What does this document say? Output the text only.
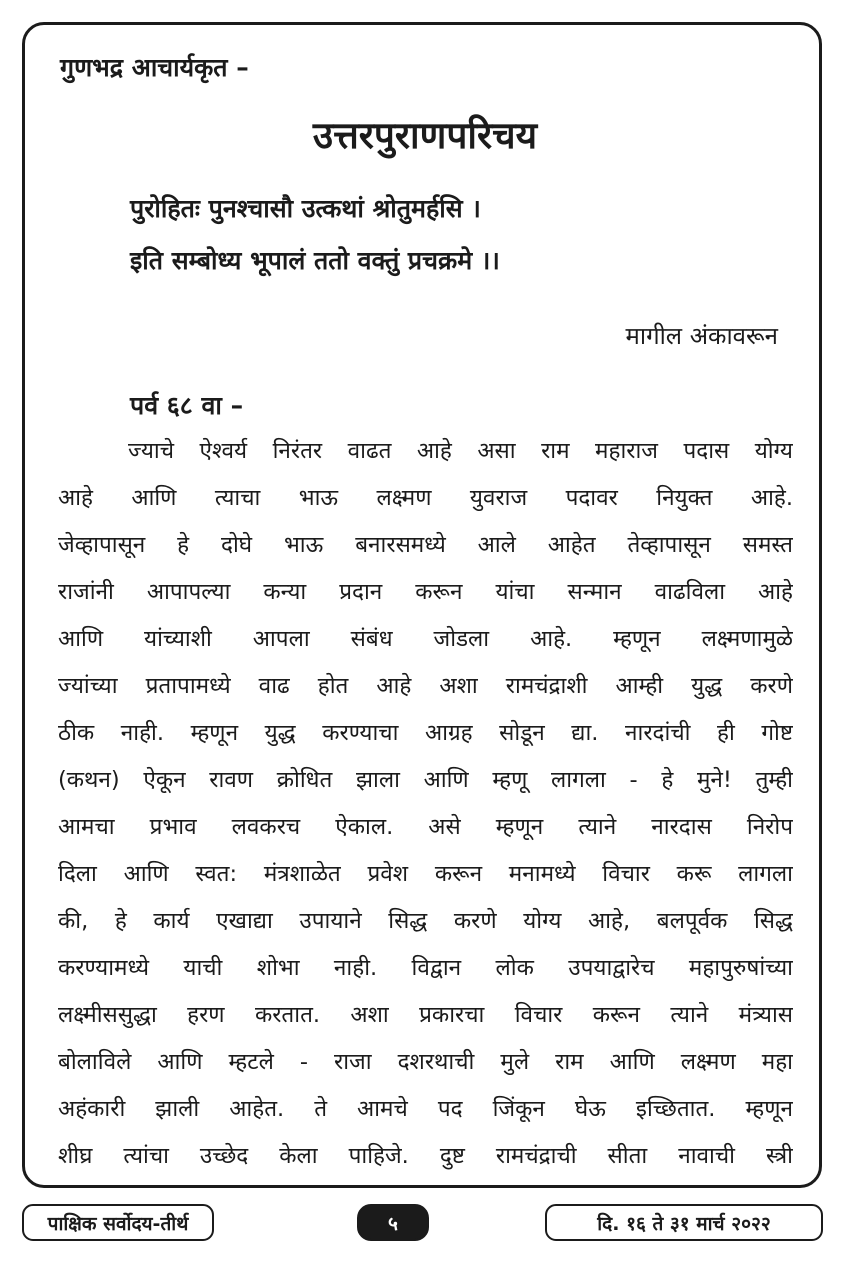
गुणभद्र आचार्यकृत –

उत्तरपुराणपरिचय

पुरोहितः पुनश्चासौ उत्कथां श्रोतुमर्हसि ।

इति सम्बोध्य भूपालं ततो वक्तुं प्रचक्रमे ।।

मागील अंकावरून

पर्व ६८ वा –
ज्याचे ऐश्वर्य निरंतर वाढत आहे असा राम महाराज पदास योग्य
आहे आणि त्याचा भाऊ लक्ष्मण युवराज पदावर नियुक्त आहे.
जेव्हापासून हे दोघे भाऊ बनारसमध्ये आले आहेत तेव्हापासून समस्त
राजांनी आपापल्या कन्या प्रदान करून यांचा सन्मान वाढविला आहे
आणि यांच्याशी आपला संबंध जोडला आहे. म्हणून लक्ष्मणामुळे
ज्यांच्या प्रतापामध्ये वाढ होत आहे अशा रामचंद्राशी आम्ही युद्ध करणे
ठीक नाही. म्हणून युद्ध करण्याचा आग्रह सोडून द्या. नारदांची ही गोष्ट
(कथन) ऐकून रावण क्रोधित झाला आणि म्हणू लागला - हे मुने! तुम्ही
आमचा प्रभाव लवकरच ऐकाल. असे म्हणून त्याने नारदास निरोप
दिला आणि स्वत: मंत्रशाळेत प्रवेश करून मनामध्ये विचार करू लागला
की, हे कार्य एखाद्या उपायाने सिद्ध करणे योग्य आहे, बलपूर्वक सिद्ध
करण्यामध्ये याची शोभा नाही. विद्वान लोक उपयाद्वारेच महापुरुषांच्या
लक्ष्मीससुद्धा हरण करतात. अशा प्रकारचा विचार करून त्याने मंत्र्यास
बोलाविले आणि म्हटले - राजा दशरथाची मुले राम आणि लक्ष्मण महा
अहंकारी झाली आहेत. ते आमचे पद जिंकून घेऊ इच्छितात. म्हणून
शीघ्र त्यांचा उच्छेद केला पाहिजे. दुष्ट रामचंद्राची सीता नावाची स्त्री
पाक्षिक सर्वोदय-तीर्थ	५	दि. १६ ते ३१ मार्च २०२२
